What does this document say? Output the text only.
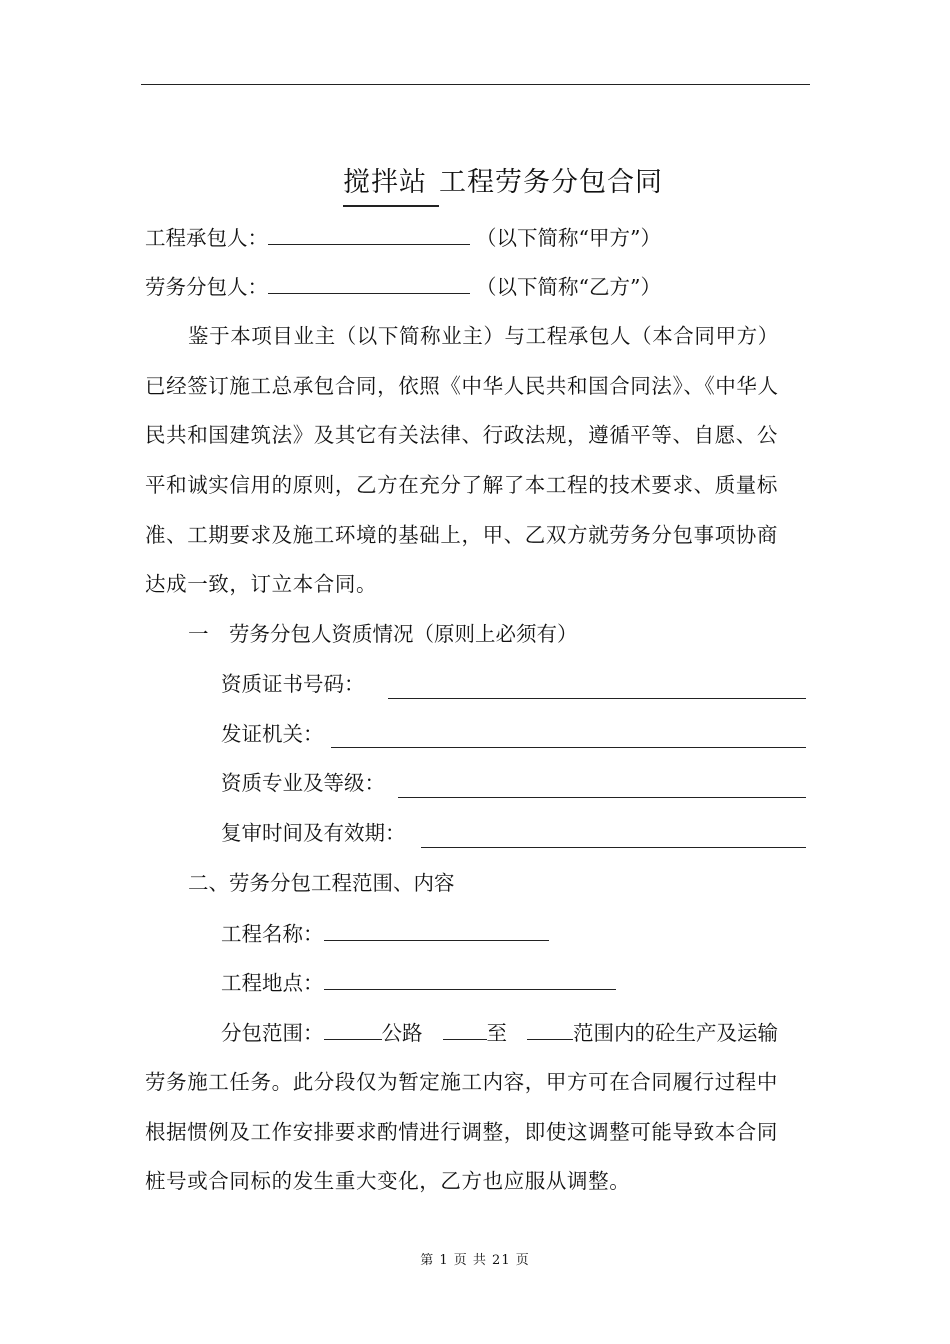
搅拌站 工程劳务分包合同
工程承包人：	（以下简称“甲方”）
劳务分包人：	（以下简称“乙方”）
鉴于本项目业主（以下简称业主）与工程承包人（本合同甲方）
已经签订施工总承包合同，依照《中华人民共和国合同法》、《中华人
民共和国建筑法》及其它有关法律、行政法规，遵循平等、自愿、公
平和诚实信用的原则，乙方在充分了解了本工程的技术要求、质量标
准、工期要求及施工环境的基础上，甲、乙双方就劳务分包事项协商
达成一致，订立本合同。
一　劳务分包人资质情况（原则上必须有）
资质证书号码：
发证机关：
资质专业及等级：
复审时间及有效期：
二、劳务分包工程范围、内容
工程名称：
工程地点：
分包范围：	公路	至	范围内的砼生产及运输
劳务施工任务。此分段仅为暂定施工内容，甲方可在合同履行过程中
根据惯例及工作安排要求酌情进行调整，即使这调整可能导致本合同
桩号或合同标的发生重大变化，乙方也应服从调整。
第 1 页 共 21 页
